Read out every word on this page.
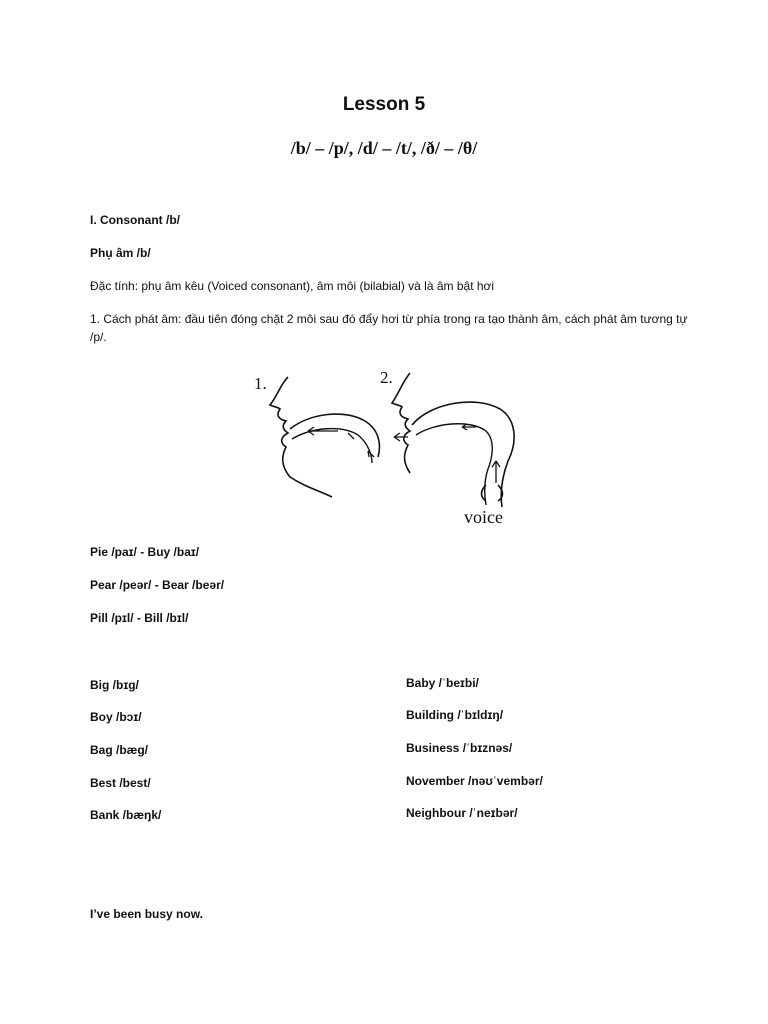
Lesson 5
/b/ – /p/, /d/ – /t/, /ð/ – /θ/
I. Consonant /b/
Phụ âm /b/
Đặc tính: phụ âm kêu (Voiced consonant), âm môi (bilabial) và là âm bật hơi
1. Cách phát âm: đầu tiên đóng chặt 2 môi sau đó đẩy hơi từ phía trong ra tạo thành âm, cách phát âm tương tự /p/.
1.	2.
voice
Pie /paɪ/ - Buy /baɪ/
Pear /peər/ - Bear /beər/
Pill /pɪl/ - Bill /bɪl/
Big /bɪg/
Boy /bɔɪ/
Bag /bæg/
Best /best/
Bank /bæŋk/
Baby /ˈbeɪbi/
Building /ˈbɪldɪŋ/
Business /ˈbɪznəs/
November /nəʊˈvembər/
Neighbour /ˈneɪbər/
I’ve been busy now.
